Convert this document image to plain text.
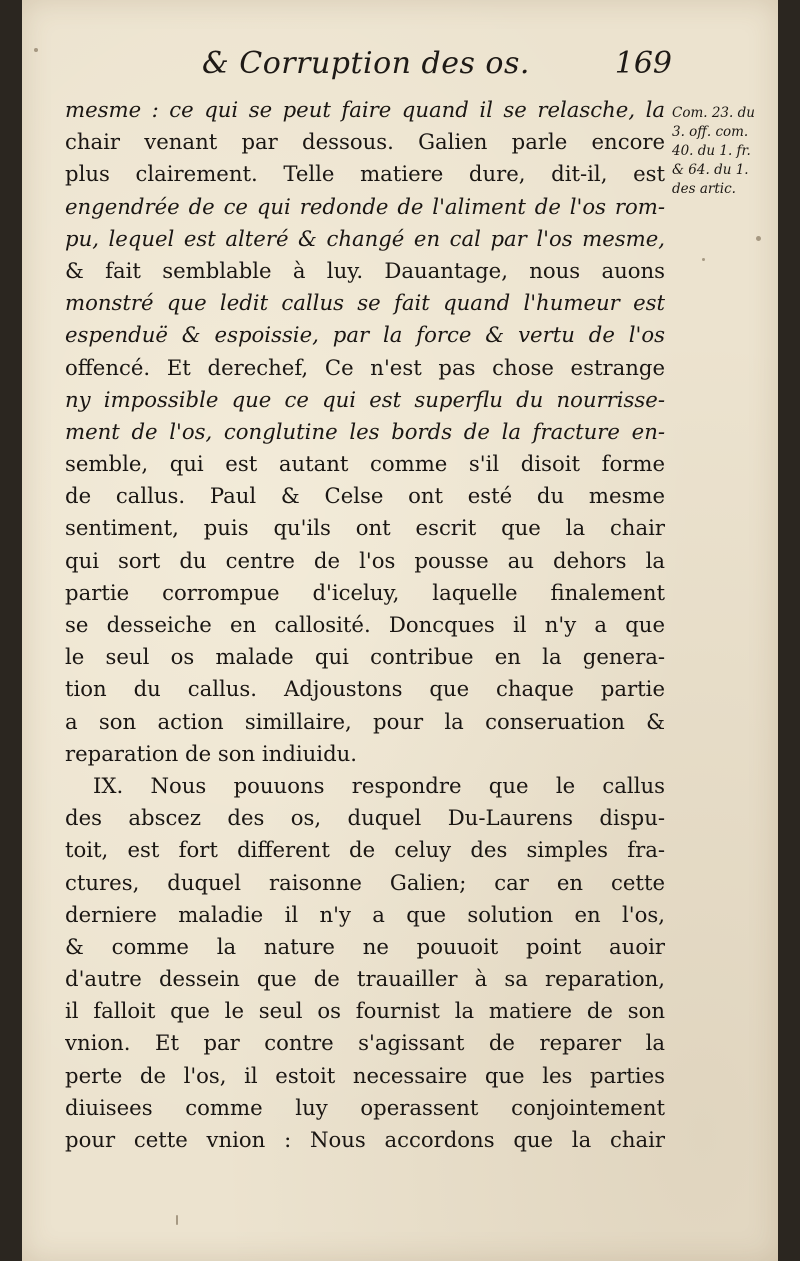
& Corruption des os.	169
mesme : ce qui se peut faire quand il se relasche, la
chair venant par dessous. Galien parle encore
plus clairement. Telle matiere dure, dit-il, est
engendrée de ce qui redonde de l'aliment de l'os rom-
pu, lequel est alteré & changé en cal par l'os mesme,
& fait semblable à luy. Dauantage, nous auons
monstré que ledit callus se fait quand l'humeur est
espenduë & espoissie, par la force & vertu de l'os
offencé. Et derechef, Ce n'est pas chose estrange
ny impossible que ce qui est superflu du nourrisse-
ment de l'os, conglutine les bords de la fracture en-
semble, qui est autant comme s'il disoit forme
de callus. Paul & Celse ont esté du mesme
sentiment, puis qu'ils ont escrit que la chair
qui sort du centre de l'os pousse au dehors la
partie corrompue d'iceluy, laquelle finalement
se desseiche en callosité. Doncques il n'y a que
le seul os malade qui contribue en la genera-
tion du callus. Adjoustons que chaque partie
a son action simillaire, pour la conseruation &
reparation de son indiuidu.
IX. Nous pouuons respondre que le callus
des abscez des os, duquel Du-Laurens dispu-
toit, est fort different de celuy des simples fra-
ctures, duquel raisonne Galien; car en cette
derniere maladie il n'y a que solution en l'os,
& comme la nature ne pouuoit point auoir
d'autre dessein que de trauailler à sa reparation,
il falloit que le seul os fournist la matiere de son
vnion. Et par contre s'agissant de reparer la
perte de l'os, il estoit necessaire que les parties
diuisees comme luy operassent conjointement
pour cette vnion : Nous accordons que la chair
Com. 23. du
3. off. com.
40. du 1. fr.
& 64. du 1.
des artic.
